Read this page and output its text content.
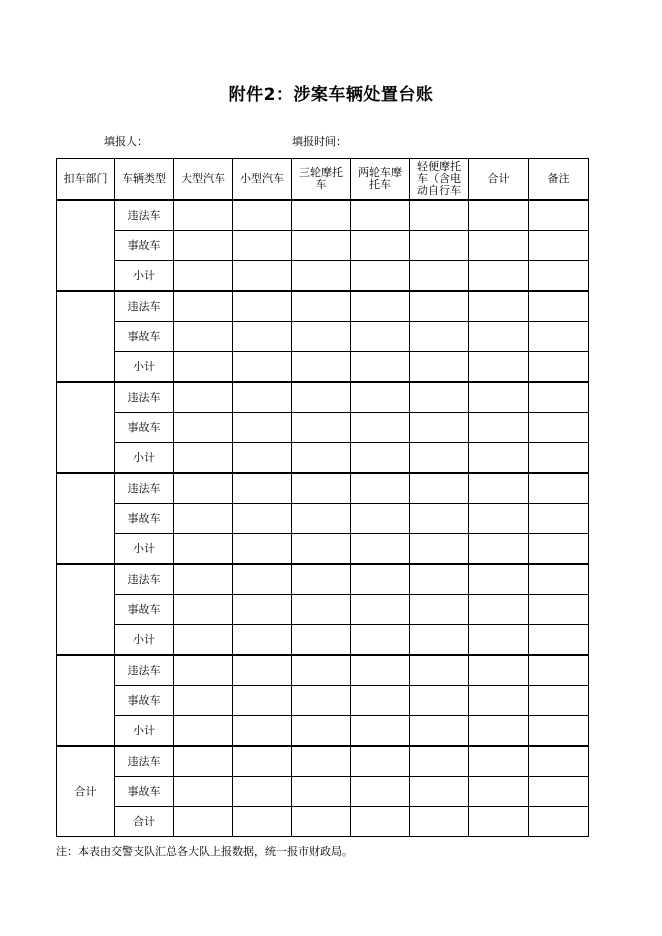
附件2：涉案车辆处置台账
填报人：	填报时间：
扣车部门	车辆类型	大型汽车	小型汽车	三轮摩托车	两轮车摩托车	轻便摩托车（含电动自行车	合计	备注
	违法车							
	事故车							
	小计							
	违法车							
	事故车							
	小计							
	违法车							
	事故车							
	小计							
	违法车							
	事故车							
	小计							
	违法车							
	事故车							
	小计							
	违法车							
	事故车							
	小计							
合计	违法车							
	事故车							
	合计							
注：本表由交警支队汇总各大队上报数据，统一报市财政局。
